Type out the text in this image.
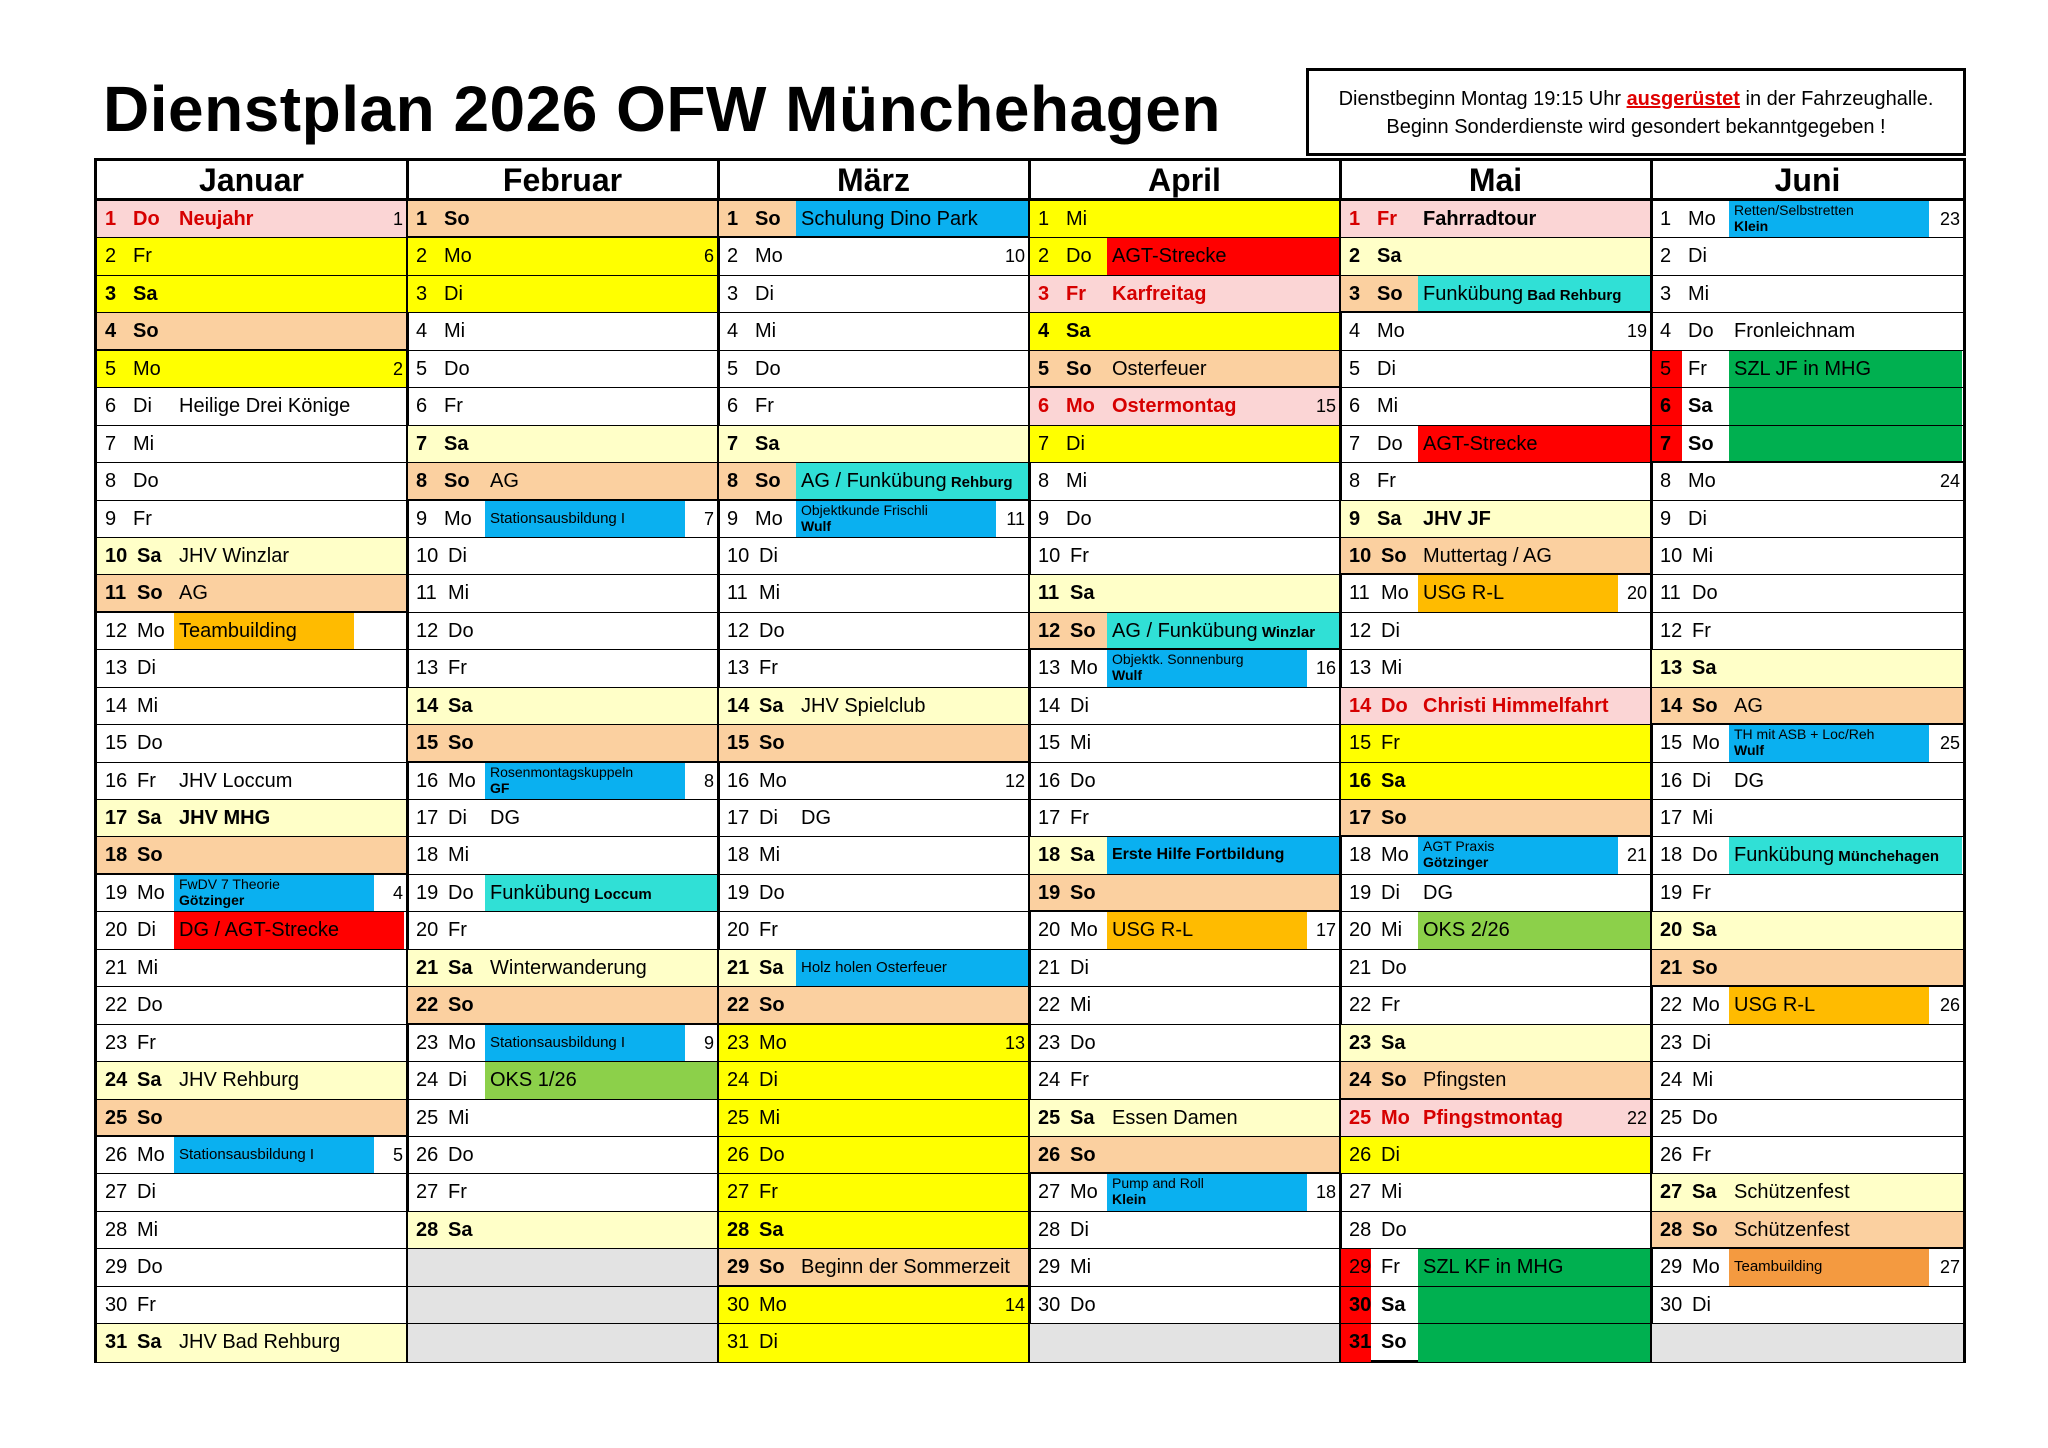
Dienstplan 2026 OFW Münchehagen	Dienstbeginn Montag 19:15 Uhr ausgerüstet in der Fahrzeughalle.
Beginn Sonderdienste wird gesondert bekanntgegeben !
Januar
1 Do Neujahr	1
2 Fr
3 Sa
4 So
5 Mo	2
6 Di Heilige Drei Könige
7 Mi
8 Do
9 Fr
10 Sa JHV Winzlar
11 So AG
12 Mo Teambuilding
13 Di
14 Mi
15 Do
16 Fr JHV Loccum
17 Sa JHV MHG
18 So
19 Mo FwDV 7 Theorie
Götzinger	4
20 Di DG / AGT-Strecke
21 Mi
22 Do
23 Fr
24 Sa JHV Rehburg
25 So
26 Mo Stationsausbildung I	5
27 Di
28 Mi
29 Do
30 Fr
31 Sa JHV Bad Rehburg
Februar
1 So
2 Mo	6
3 Di
4 Mi
5 Do
6 Fr
7 Sa
8 So AG
9 Mo Stationsausbildung I	7
10 Di
11 Mi
12 Do
13 Fr
14 Sa
15 So
16 Mo Rosenmontagskuppeln
GF	8
17 Di DG
18 Mi
19 Do Funkübung Loccum
20 Fr
21 Sa Winterwanderung
22 So
23 Mo Stationsausbildung I	9
24 Di OKS 1/26
25 Mi
26 Do
27 Fr
28 Sa
März
1 So Schulung Dino Park
2 Mo	10
3 Di
4 Mi
5 Do
6 Fr
7 Sa
8 So AG / Funkübung Rehburg
9 Mo Objektkunde Frischli
Wulf	11
10 Di
11 Mi
12 Do
13 Fr
14 Sa JHV Spielclub
15 So
16 Mo	12
17 Di DG
18 Mi
19 Do
20 Fr
21 Sa Holz holen Osterfeuer
22 So
23 Mo	13
24 Di
25 Mi
26 Do
27 Fr
28 Sa
29 So Beginn der Sommerzeit
30 Mo	14
31 Di
April
1 Mi
2 Do AGT-Strecke
3 Fr Karfreitag
4 Sa
5 So Osterfeuer
6 Mo Ostermontag	15
7 Di
8 Mi
9 Do
10 Fr
11 Sa
12 So AG / Funkübung Winzlar
13 Mo Objektk. Sonnenburg
Wulf	16
14 Di
15 Mi
16 Do
17 Fr
18 Sa Erste Hilfe Fortbildung
19 So
20 Mo USG R-L	17
21 Di
22 Mi
23 Do
24 Fr
25 Sa Essen Damen
26 So
27 Mo Pump and Roll
Klein	18
28 Di
29 Mi
30 Do
Mai
1 Fr Fahrradtour
2 Sa
3 So Funkübung Bad Rehburg
4 Mo	19
5 Di
6 Mi
7 Do AGT-Strecke
8 Fr
9 Sa JHV JF
10 So Muttertag / AG
11 Mo USG R-L	20
12 Di
13 Mi
14 Do Christi Himmelfahrt
15 Fr
16 Sa
17 So
18 Mo AGT Praxis
Götzinger	21
19 Di DG
20 Mi OKS 2/26
21 Do
22 Fr
23 Sa
24 So Pfingsten
25 Mo Pfingstmontag	22
26 Di
27 Mi
28 Do
29 Fr SZL KF in MHG
30 Sa
31 So
Juni
1 Mo Retten/Selbstretten
Klein	23
2 Di
3 Mi
4 Do Fronleichnam
5 Fr SZL JF in MHG
6 Sa
7 So
8 Mo	24
9 Di
10 Mi
11 Do
12 Fr
13 Sa
14 So AG
15 Mo TH mit ASB + Loc/Reh
Wulf	25
16 Di DG
17 Mi
18 Do Funkübung Münchehagen
19 Fr
20 Sa
21 So
22 Mo USG R-L	26
23 Di
24 Mi
25 Do
26 Fr
27 Sa Schützenfest
28 So Schützenfest
29 Mo Teambuilding	27
30 Di
